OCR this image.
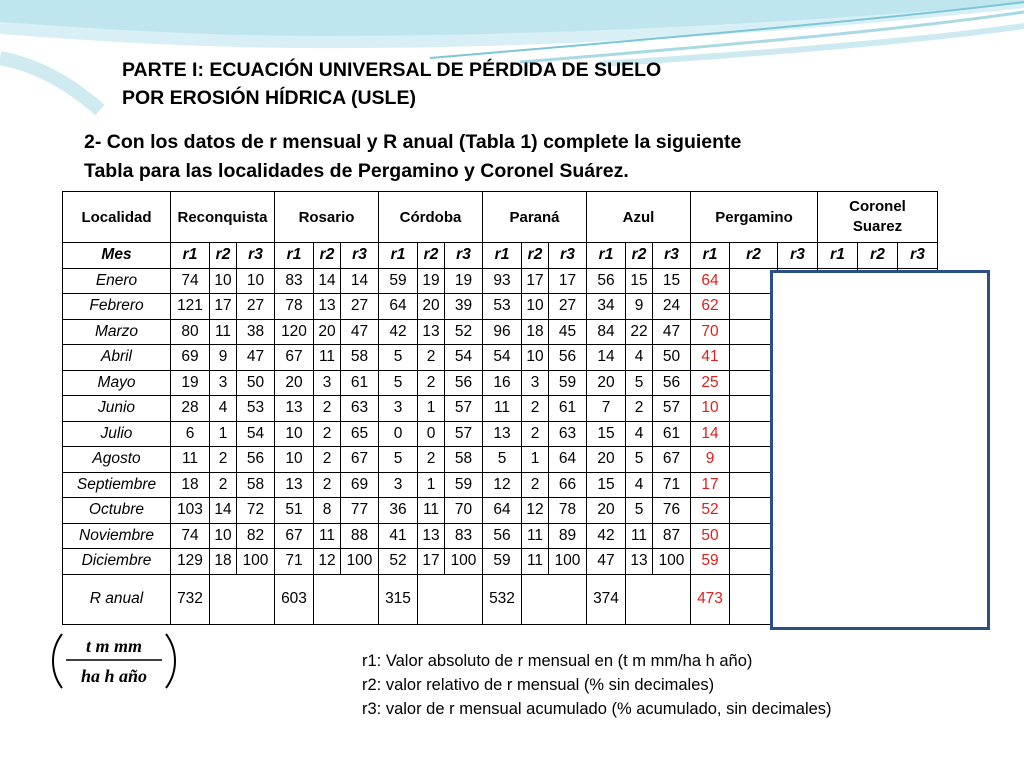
PARTE I: ECUACIÓN UNIVERSAL DE PÉRDIDA DE SUELO
POR EROSIÓN HÍDRICA (USLE)
2- Con los datos de r mensual y R anual (Tabla 1) complete la siguiente
Tabla para las localidades de Pergamino y Coronel Suárez.
Localidad	Reconquista			Rosario			Córdoba			Paraná			Azul			Pergamino			Coronel
Suarez		

Mes	r1	r2	r3	r1	r2	r3	r1	r2	r3	r1	r2	r3	r1	r2	r3	r1	r2	r3	r1	r2	r3
Enero	74	10	10	83	14	14	59	19	19	93	17	17	56	15	15	64					
Febrero	121	17	27	78	13	27	64	20	39	53	10	27	34	9	24	62					
Marzo	80	11	38	120	20	47	42	13	52	96	18	45	84	22	47	70					
Abril	69	9	47	67	11	58	5	2	54	54	10	56	14	4	50	41					
Mayo	19	3	50	20	3	61	5	2	56	16	3	59	20	5	56	25					
Junio	28	4	53	13	2	63	3	1	57	11	2	61	7	2	57	10					
Julio	6	1	54	10	2	65	0	0	57	13	2	63	15	4	61	14					
Agosto	11	2	56	10	2	67	5	2	58	5	1	64	20	5	67	9					
Septiembre	18	2	58	13	2	69	3	1	59	12	2	66	15	4	71	17					
Octubre	103	14	72	51	8	77	36	11	70	64	12	78	20	5	76	52					
Noviembre	74	10	82	67	11	88	41	13	83	56	11	89	42	11	87	50					
Diciembre	129	18	100	71	12	100	52	17	100	59	11	100	47	13	100	59					
R anual	732			603			315			532			374			473					
t m mm
ha h año
r1: Valor absoluto de r mensual en (t m mm/ha h año)
r2: valor relativo de r mensual (% sin decimales)
r3: valor de r mensual acumulado (% acumulado, sin decimales)
